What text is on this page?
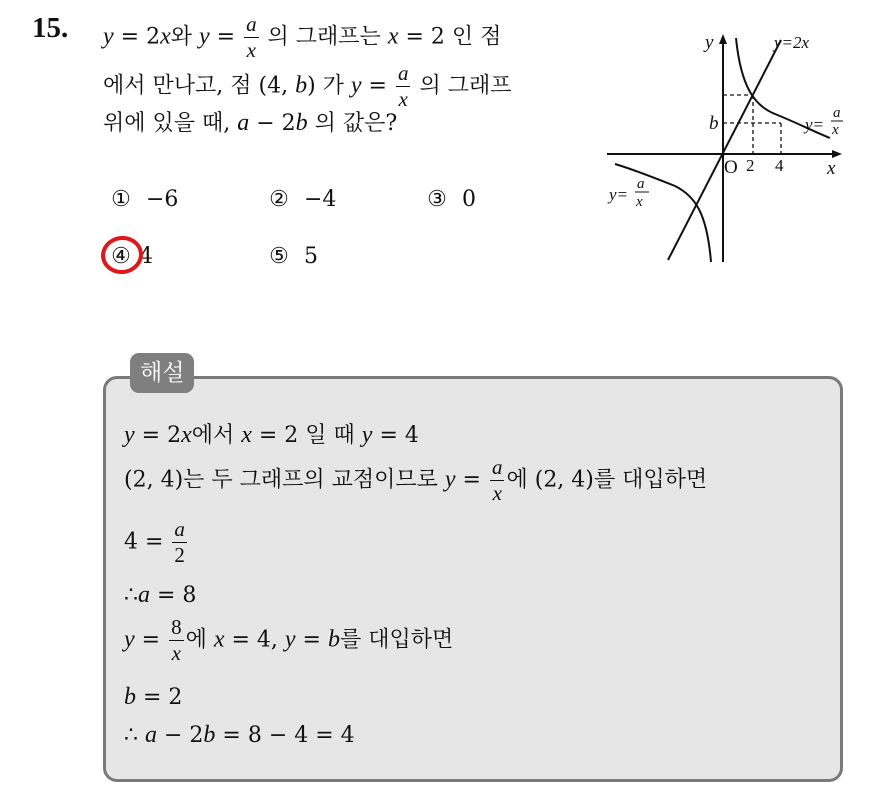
15. y = 2x와 $y = \frac{a}{x}$ 의 그래프는 x = 2 인 점
에서 만나고, 점 (4, b) 가 $y = \frac{a}{x}$ 의 그래프
위에 있을 때, a − 2b 의 값은?
① −6	② −4	③ 0
④ 4	⑤ 5
y
x
O
b
2 4
y=2x
y=
a
x
y=
a
x
해설
y = 2x에서 x = 2 일 때 y = 4
(2, 4)는 두 그래프의 교점이므로 $y = \frac{a}{x}$ 에 (2, 4)를 대입하면
$4 = \frac{a}{2}$
∴a = 8
$y = \frac{8}{x}$ 에 x = 4, y = b를 대입하면
b = 2
∴ a − 2b = 8 − 4 = 4
